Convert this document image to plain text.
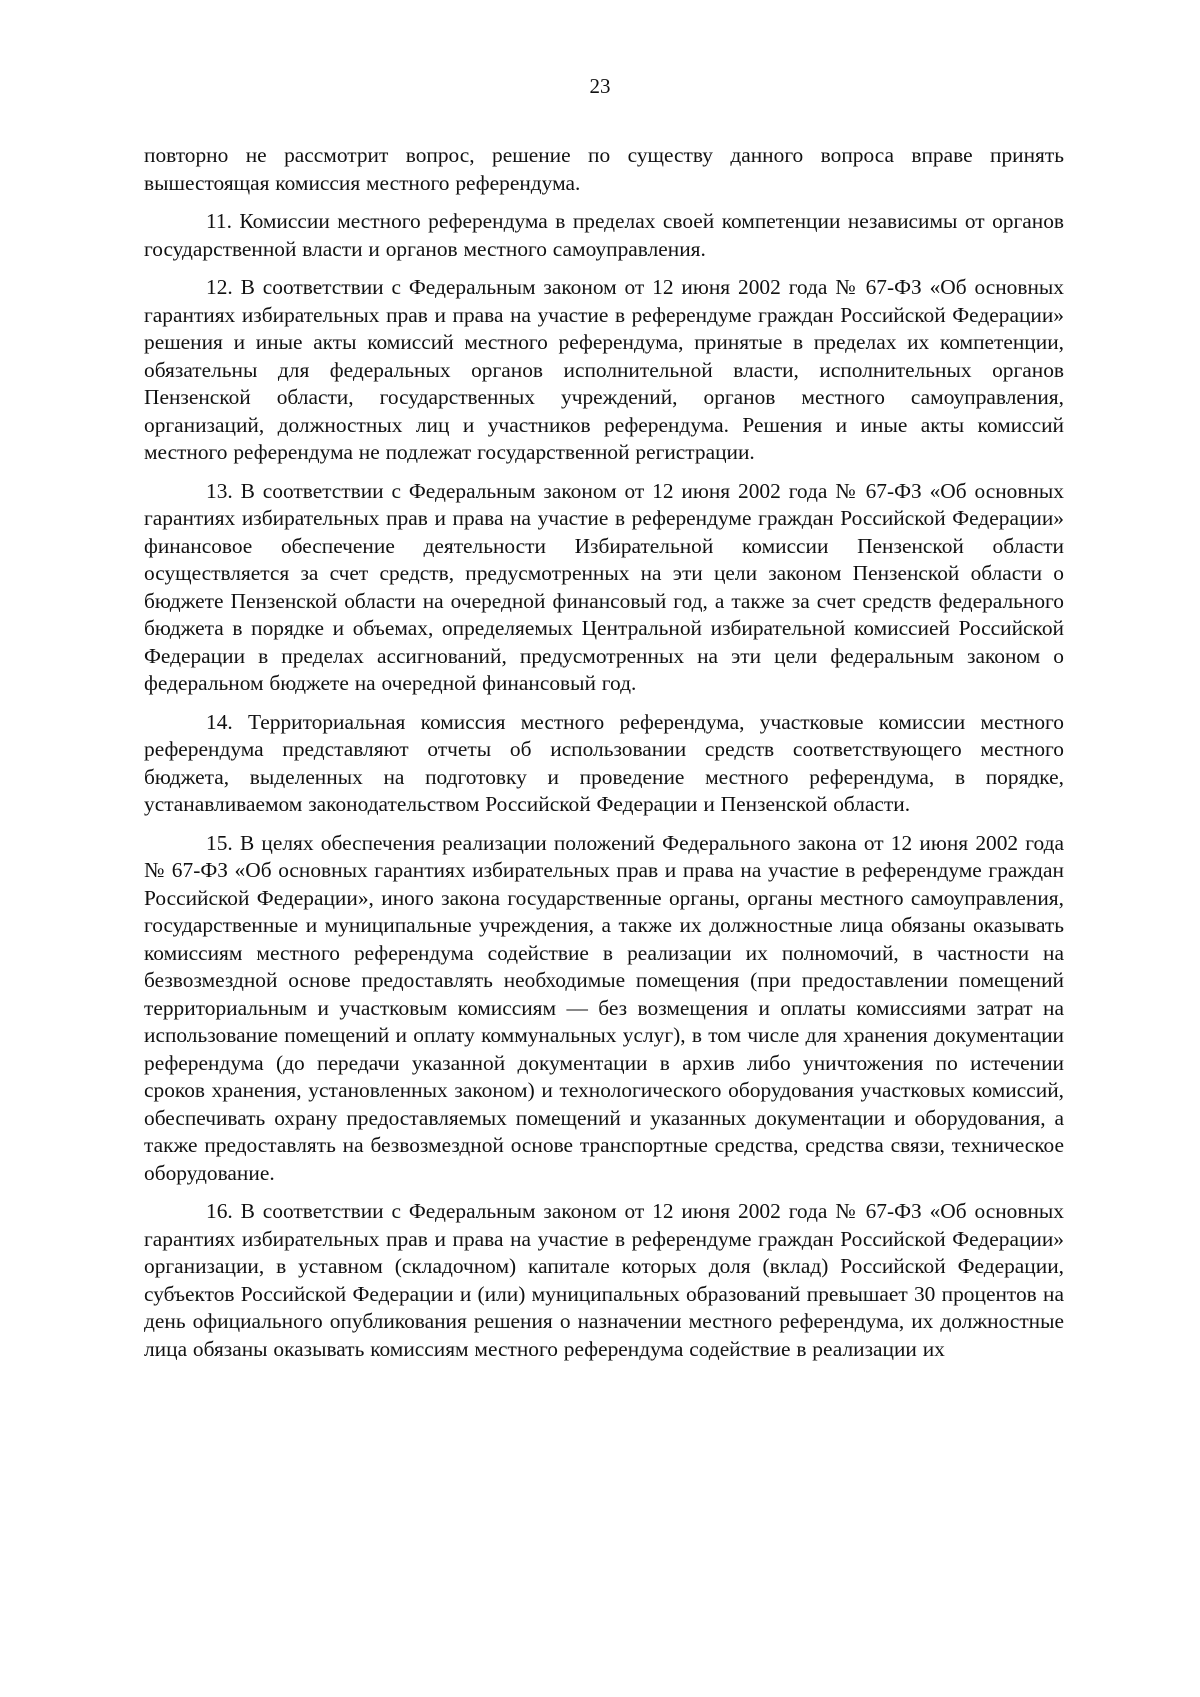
23

повторно не рассмотрит вопрос, решение по существу данного вопроса вправе принять вышестоящая комиссия местного референдума.

11. Комиссии местного референдума в пределах своей компетенции независимы от органов государственной власти и органов местного самоуправления.

12. В соответствии с Федеральным законом от 12 июня 2002 года № 67-ФЗ «Об основных гарантиях избирательных прав и права на участие в референдуме граждан Российской Федерации» решения и иные акты комиссий местного референдума, принятые в пределах их компетенции, обязательны для федеральных органов исполнительной власти, исполнительных органов Пензенской области, государственных учреждений, органов местного самоуправления, организаций, должностных лиц и участников референдума. Решения и иные акты комиссий местного референдума не подлежат государственной регистрации.

13. В соответствии с Федеральным законом от 12 июня 2002 года № 67-ФЗ «Об основных гарантиях избирательных прав и права на участие в референдуме граждан Российской Федерации» финансовое обеспечение деятельности Избирательной комиссии Пензенской области осуществляется за счет средств, предусмотренных на эти цели законом Пензенской области о бюджете Пензенской области на очередной финансовый год, а также за счет средств федерального бюджета в порядке и объемах, определяемых Центральной избирательной комиссией Российской Федерации в пределах ассигнований, предусмотренных на эти цели федеральным законом о федеральном бюджете на очередной финансовый год.

14. Территориальная комиссия местного референдума, участковые комиссии местного референдума представляют отчеты об использовании средств соответствующего местного бюджета, выделенных на подготовку и проведение местного референдума, в порядке, устанавливаемом законодательством Российской Федерации и Пензенской области.

15. В целях обеспечения реализации положений Федерального закона от 12 июня 2002 года № 67-ФЗ «Об основных гарантиях избирательных прав и права на участие в референдуме граждан Российской Федерации», иного закона государственные органы, органы местного самоуправления, государственные и муниципальные учреждения, а также их должностные лица обязаны оказывать комиссиям местного референдума содействие в реализации их полномочий, в частности на безвозмездной основе предоставлять необходимые помещения (при предоставлении помещений территориальным и участковым комиссиям — без возмещения и оплаты комиссиями затрат на использование помещений и оплату коммунальных услуг), в том числе для хранения документации референдума (до передачи указанной документации в архив либо уничтожения по истечении сроков хранения, установленных законом) и технологического оборудования участковых комиссий, обеспечивать охрану предоставляемых помещений и указанных документации и оборудования, а также предоставлять на безвозмездной основе транспортные средства, средства связи, техническое оборудование.

16. В соответствии с Федеральным законом от 12 июня 2002 года № 67-ФЗ «Об основных гарантиях избирательных прав и права на участие в референдуме граждан Российской Федерации» организации, в уставном (складочном) капитале которых доля (вклад) Российской Федерации, субъектов Российской Федерации и (или) муниципальных образований превышает 30 процентов на день официального опубликования решения о назначении местного референдума, их должностные лица обязаны оказывать комиссиям местного референдума содействие в реализации их
